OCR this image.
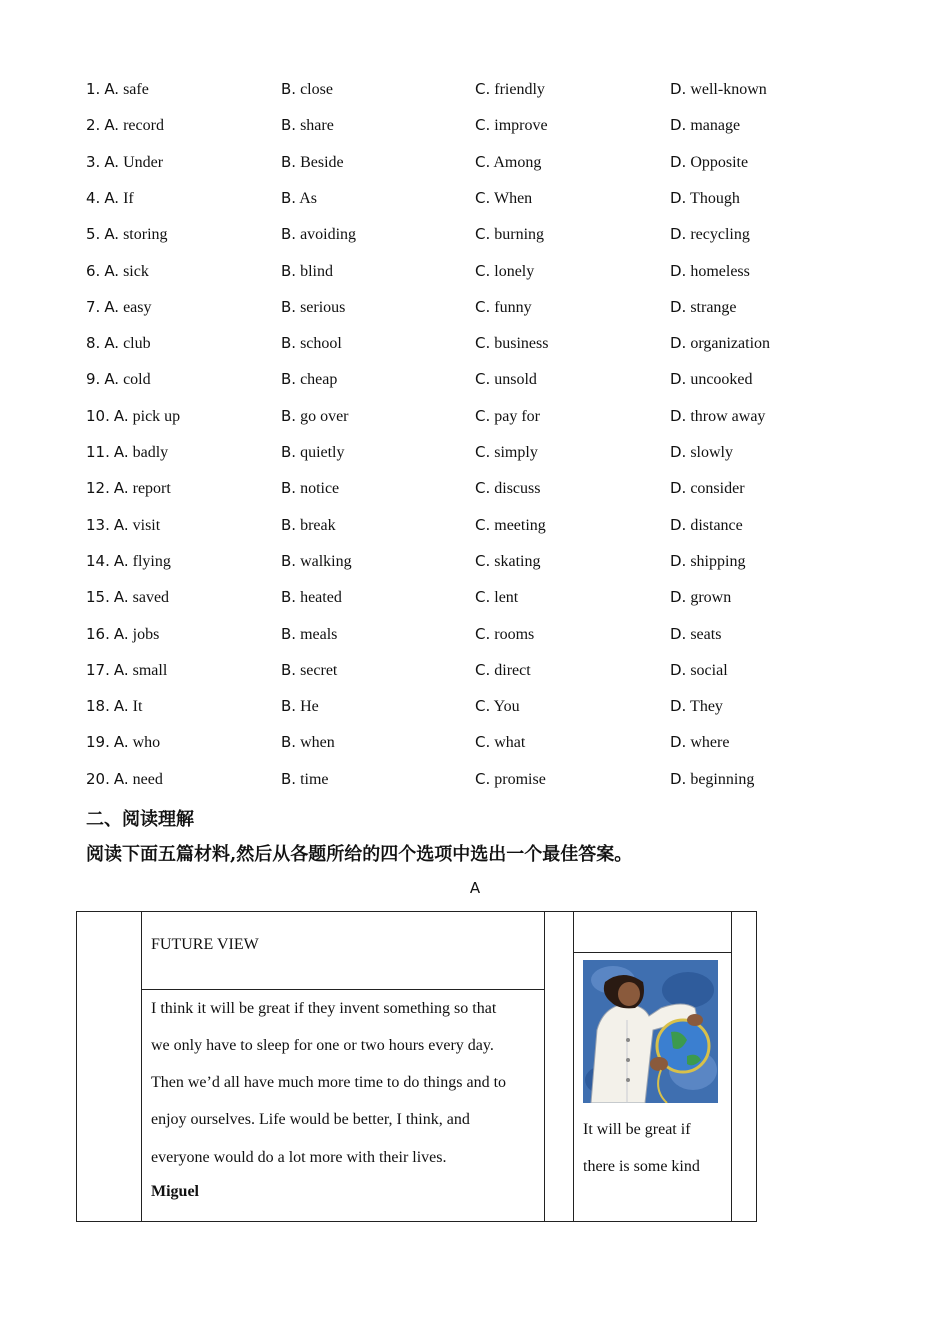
1. A. safe	B. close	C. friendly	D. well-known
2. A. record	B. share	C. improve	D. manage
3. A. Under	B. Beside	C. Among	D. Opposite
4. A. If	B. As	C. When	D. Though
5. A. storing	B. avoiding	C. burning	D. recycling
6. A. sick	B. blind	C. lonely	D. homeless
7. A. easy	B. serious	C. funny	D. strange
8. A. club	B. school	C. business	D. organization
9. A. cold	B. cheap	C. unsold	D. uncooked
10. A. pick up	B. go over	C. pay for	D. throw away
11. A. badly	B. quietly	C. simply	D. slowly
12. A. report	B. notice	C. discuss	D. consider
13. A. visit	B. break	C. meeting	D. distance
14. A. flying	B. walking	C. skating	D. shipping
15. A. saved	B. heated	C. lent	D. grown
16. A. jobs	B. meals	C. rooms	D. seats
17. A. small	B. secret	C. direct	D. social
18. A. It	B. He	C. You	D. They
19. A. who	B. when	C. what	D. where
20. A. need	B. time	C. promise	D. beginning
二、阅读理解
阅读下面五篇材料,然后从各题所给的四个选项中选出一个最佳答案。
A
FUTURE VIEW
I think it will be great if they invent something so that
we only have to sleep for one or two hours every day.
Then we’d all have much more time to do things and to
enjoy ourselves. Life would be better, I think, and
everyone would do a lot more with their lives.
Miguel
It will be great if
there is some kind
